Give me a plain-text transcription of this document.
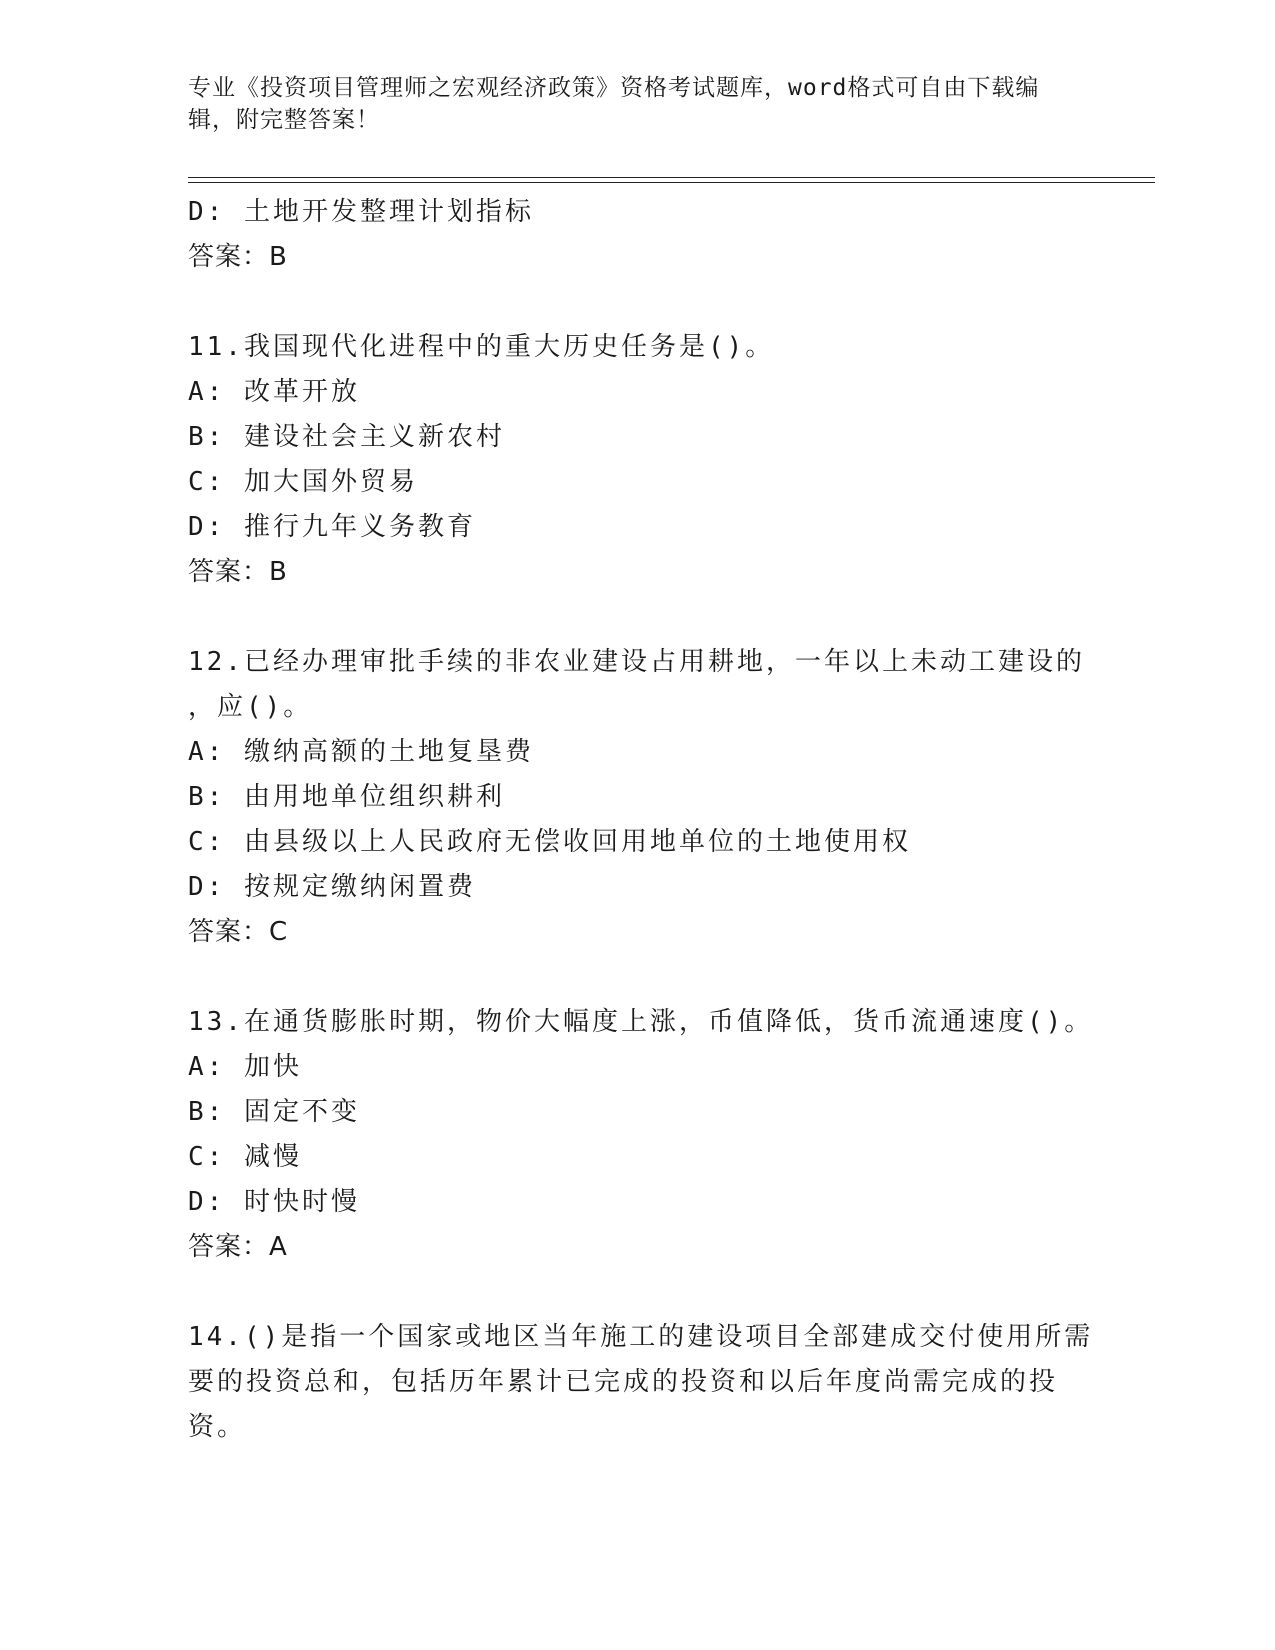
专业《投资项目管理师之宏观经济政策》资格考试题库，word格式可自由下载编辑，附完整答案！
D: 土地开发整理计划指标
答案：B
11.我国现代化进程中的重大历史任务是()。
A: 改革开放
B: 建设社会主义新农村
C: 加大国外贸易
D: 推行九年义务教育
答案：B
12.已经办理审批手续的非农业建设占用耕地，一年以上未动工建设的
，应()。
A: 缴纳高额的土地复垦费
B: 由用地单位组织耕利
C: 由县级以上人民政府无偿收回用地单位的土地使用权
D: 按规定缴纳闲置费
答案：C
13.在通货膨胀时期，物价大幅度上涨，币值降低，货币流通速度()。
A: 加快
B: 固定不变
C: 减慢
D: 时快时慢
答案：A
14.()是指一个国家或地区当年施工的建设项目全部建成交付使用所需
要的投资总和，包括历年累计已完成的投资和以后年度尚需完成的投
资。
